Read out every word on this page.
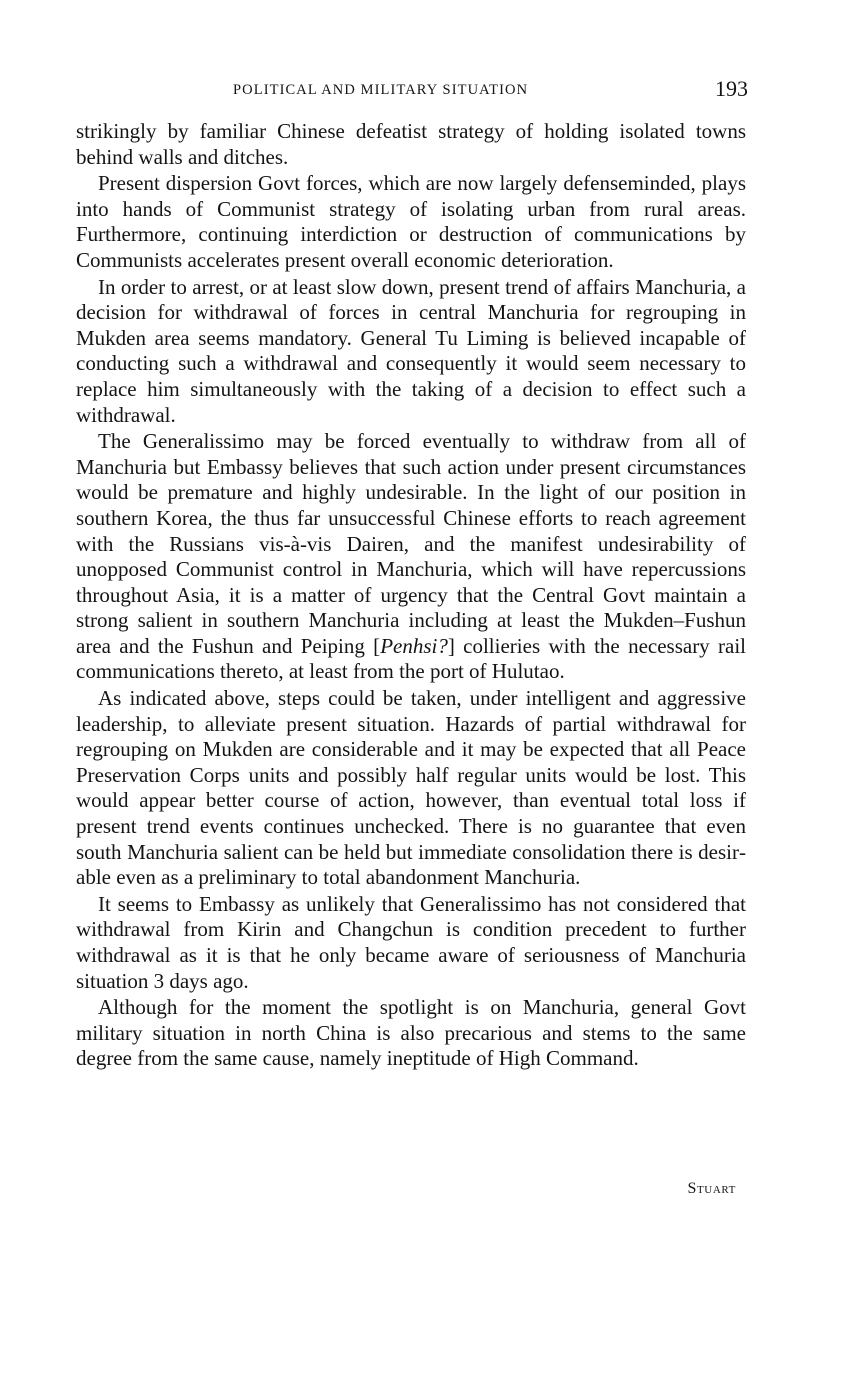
POLITICAL AND MILITARY SITUATION	193

strikingly by familiar Chinese defeatist strategy of holding isolated towns behind walls and ditches.

Present dispersion Govt forces, which are now largely defenseminded, plays into hands of Communist strategy of isolating urban from rural areas. Furthermore, continuing interdiction or destruction of communications by Communists accelerates present overall economic deterioration.

In order to arrest, or at least slow down, present trend of affairs Manchuria, a decision for withdrawal of forces in central Manchuria for regrouping in Mukden area seems mandatory. General Tu Liming is believed incapable of conducting such a withdrawal and consequently it would seem necessary to replace him simultaneously with the taking of a decision to effect such a withdrawal.

The Generalissimo may be forced eventually to withdraw from all of Manchuria but Embassy believes that such action under present circumstances would be premature and highly undesirable. In the light of our position in southern Korea, the thus far unsuccessful Chinese efforts to reach agreement with the Russians vis-à-vis Dairen, and the manifest undesirability of unopposed Communist control in Manchuria, which will have repercussions throughout Asia, it is a matter of urgency that the Central Govt maintain a strong salient in southern Manchuria including at least the Mukden–Fushun area and the Fushun and Peiping [Penhsi?] collieries with the necessary rail communications thereto, at least from the port of Hulutao.

As indicated above, steps could be taken, under intelligent and aggressive leadership, to alleviate present situation. Hazards of partial withdrawal for regrouping on Mukden are considerable and it may be expected that all Peace Preservation Corps units and possibly half regular units would be lost. This would appear better course of action, however, than eventual total loss if present trend events continues unchecked. There is no guarantee that even south Manchuria salient can be held but immediate consolidation there is desirable even as a preliminary to total abandonment Manchuria.

It seems to Embassy as unlikely that Generalissimo has not considered that withdrawal from Kirin and Changchun is condition precedent to further withdrawal as it is that he only became aware of seriousness of Manchuria situation 3 days ago.

Although for the moment the spotlight is on Manchuria, general Govt military situation in north China is also precarious and stems to the same degree from the same cause, namely ineptitude of High Command.

Stuart
